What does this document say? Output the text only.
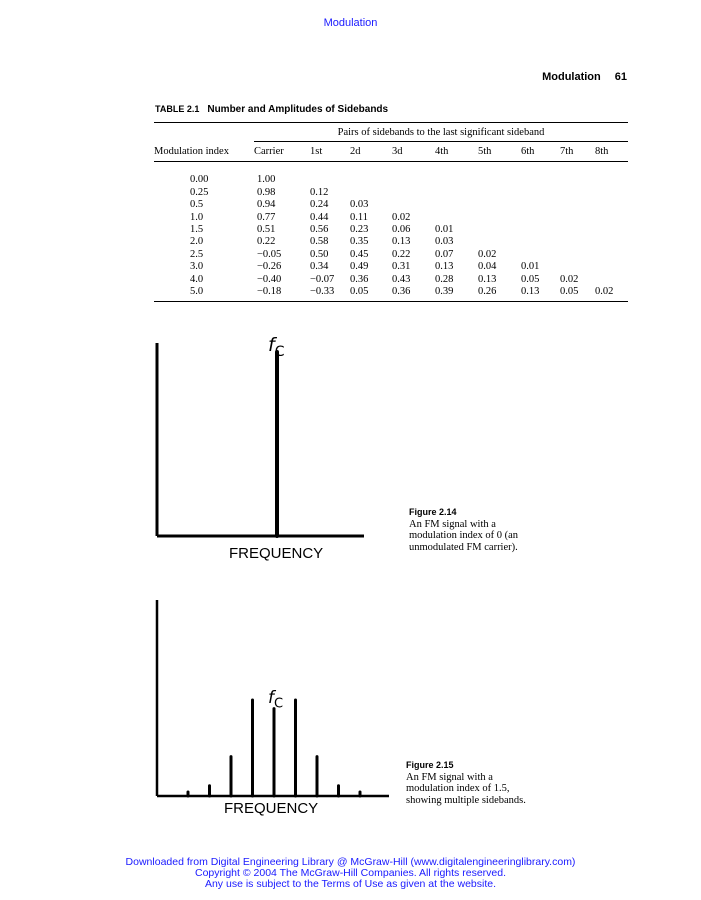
Modulation
Modulation 61
TABLE 2.1 Number and Amplitudes of Sidebands
	Pairs of sidebands to the last significant sideband								
Modulation index	Carrier	1st	2d	3d	4th	5th	6th	7th	8th

0.00	1.00								
0.25	0.98	0.12							
0.5	0.94	0.24	0.03						
1.0	0.77	0.44	0.11	0.02					
1.5	0.51	0.56	0.23	0.06	0.01				
2.0	0.22	0.58	0.35	0.13	0.03				
2.5	−0.05	0.50	0.45	0.22	0.07	0.02			
3.0	−0.26	0.34	0.49	0.31	0.13	0.04	0.01		
4.0	−0.40	−0.07	0.36	0.43	0.28	0.13	0.05	0.02	
5.0	−0.18	−0.33	0.05	0.36	0.39	0.26	0.13	0.05	0.02
$f_C$
FREQUENCY
Figure 2.14
An FM signal with a
modulation index of 0 (an
unmodulated FM carrier).
$f_C$
FREQUENCY
Figure 2.15
An FM signal with a
modulation index of 1.5,
showing multiple sidebands.
Downloaded from Digital Engineering Library @ McGraw-Hill (www.digitalengineeringlibrary.com)
Copyright © 2004 The McGraw-Hill Companies. All rights reserved.
Any use is subject to the Terms of Use as given at the website.
